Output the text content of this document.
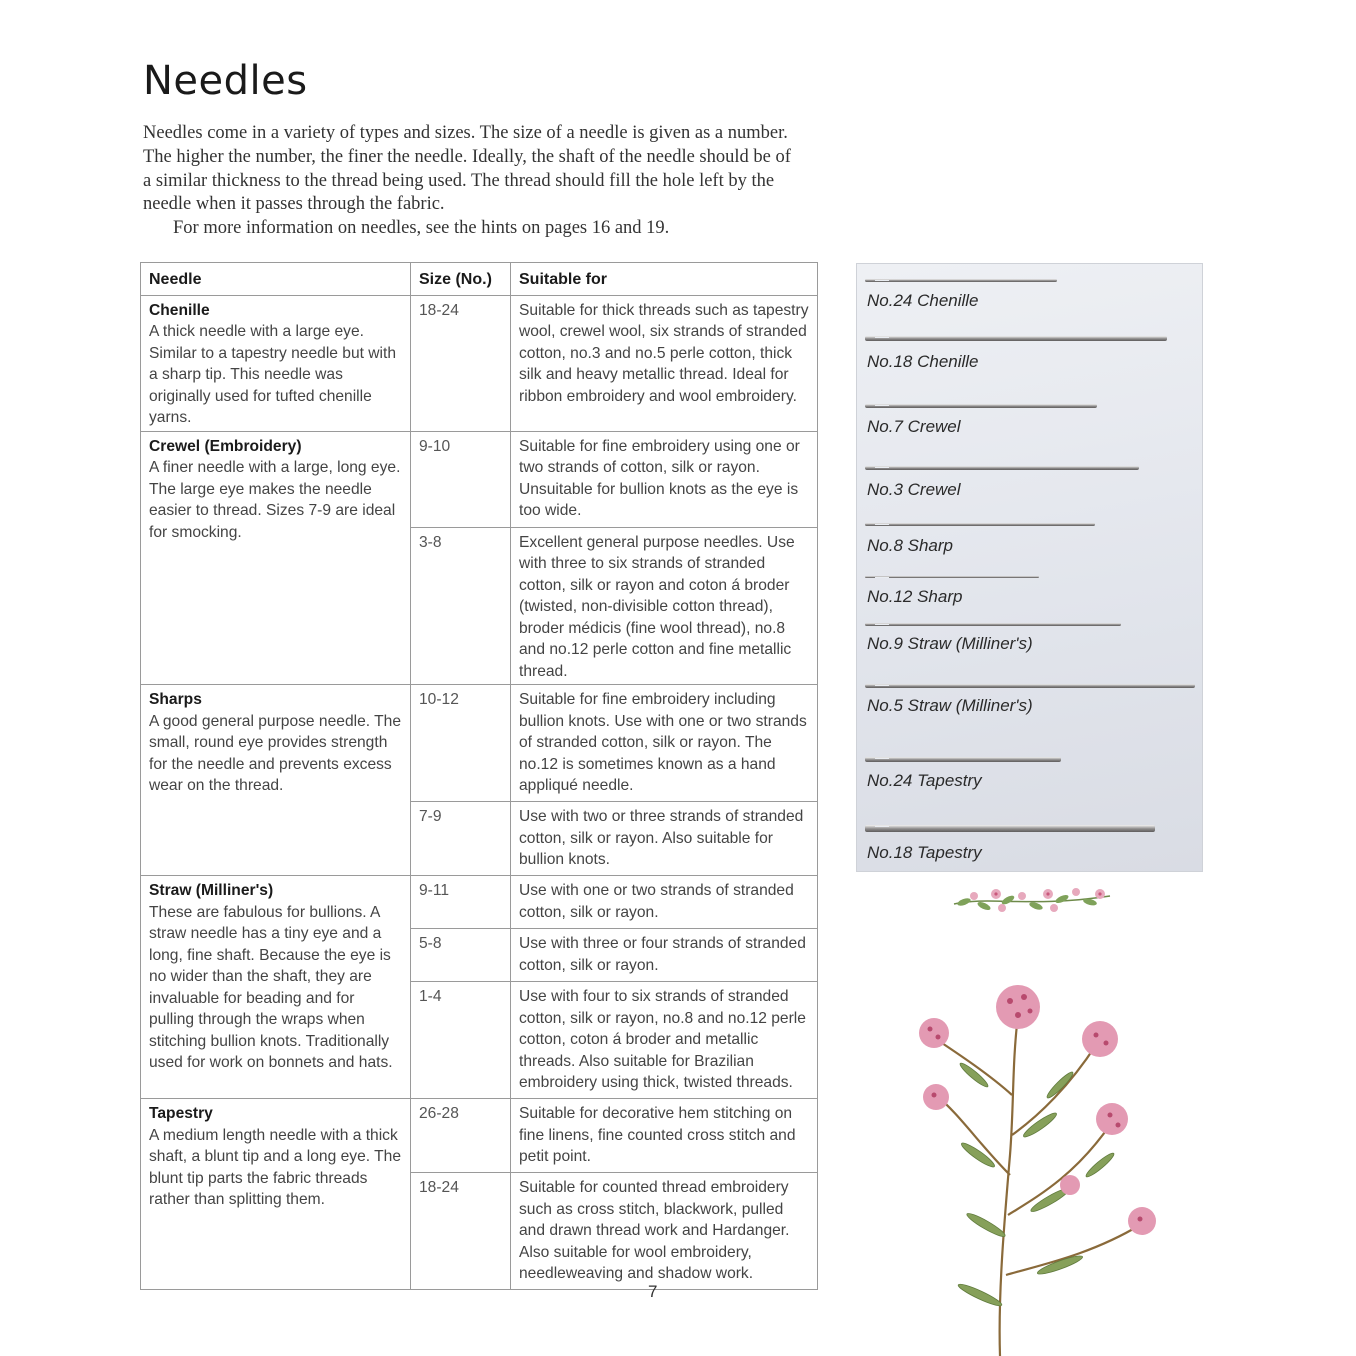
Needles

Needles come in a variety of types and sizes. The size of a needle is given as a number. The higher the number, the finer the needle. Ideally, the shaft of the needle should be of a similar thickness to the thread being used. The thread should fill the hole left by the needle when it passes through the fabric.

For more information on needles, see the hints on pages 16 and 19.

Needle	Size (No.)	Suitable for

Chenille
A thick needle with a large eye. Similar to a tapestry needle but with a sharp tip. This needle was originally used for tufted chenille yarns.	18-24	Suitable for thick threads such as tapestry wool, crewel wool, six strands of stranded cotton, no.3 and no.5 perle cotton, thick silk and heavy metallic thread. Ideal for ribbon embroidery and wool embroidery.

Crewel (Embroidery)
A finer needle with a large, long eye. The large eye makes the needle easier to thread. Sizes 7-9 are ideal for smocking.	9-10	Suitable for fine embroidery using one or two strands of cotton, silk or rayon. Unsuitable for bullion knots as the eye is too wide.
	3-8	Excellent general purpose needles. Use with three to six strands of stranded cotton, silk or rayon and coton á broder (twisted, non-divisible cotton thread), broder médicis (fine wool thread), no.8 and no.12 perle cotton and fine metallic thread.

Sharps
A good general purpose needle. The small, round eye provides strength for the needle and prevents excess wear on the thread.	10-12	Suitable for fine embroidery including bullion knots. Use with one or two strands of stranded cotton, silk or rayon. The no.12 is sometimes known as a hand appliqué needle.
	7-9	Use with two or three strands of stranded cotton, silk or rayon. Also suitable for bullion knots.

Straw (Milliner's)
These are fabulous for bullions. A straw needle has a tiny eye and a long, fine shaft. Because the eye is no wider than the shaft, they are invaluable for beading and for pulling through the wraps when stitching bullion knots. Traditionally used for work on bonnets and hats.	9-11	Use with one or two strands of stranded cotton, silk or rayon.
	5-8	Use with three or four strands of stranded cotton, silk or rayon.
	1-4	Use with four to six strands of stranded cotton, silk or rayon, no.8 and no.12 perle cotton, coton á broder and metallic threads. Also suitable for Brazilian embroidery using thick, twisted threads.

Tapestry
A medium length needle with a thick shaft, a blunt tip and a long eye. The blunt tip parts the fabric threads rather than splitting them.	26-28	Suitable for decorative hem stitching on fine linens, fine counted cross stitch and petit point.
	18-24	Suitable for counted thread embroidery such as cross stitch, blackwork, pulled and drawn thread work and Hardanger. Also suitable for wool embroidery, needleweaving and shadow work.
No.24 Chenille
No.18 Chenille
No.7 Crewel
No.3 Crewel
No.8 Sharp
No.12 Sharp
No.9 Straw (Milliner's)
No.5 Straw (Milliner's)
No.24 Tapestry
No.18 Tapestry
7
